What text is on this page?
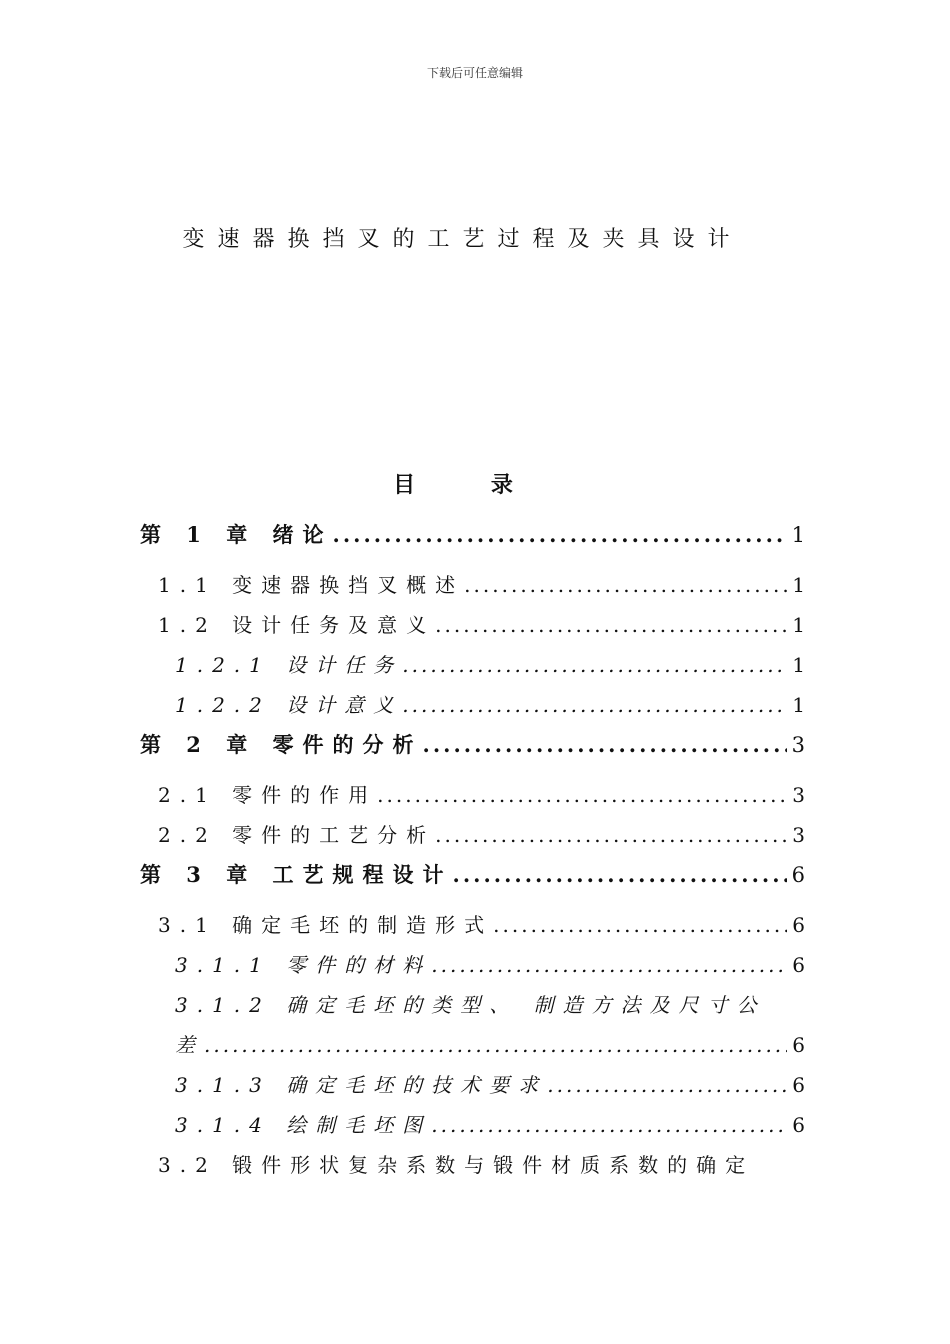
下载后可任意编辑
变速器换挡叉的工艺过程及夹具设计
目 录
第 1 章 绪论 .....	1
1.1 变速器换挡叉概述 .....	1
1.2 设计任务及意义 .....	1
1.2.1 设计任务 .....	1
1.2.2 设计意义 .....	1
第 2 章 零件的分析 .....	3
2.1 零件的作用 .....	3
2.2 零件的工艺分析 .....	3
第 3 章 工艺规程设计 .....	6
3.1 确定毛坯的制造形式 .....	6
3.1.1 零件的材料 .....	6
3.1.2 确定毛坯的类型、 制造方法及尺寸公
差 .....	6
3.1.3 确定毛坯的技术要求 .....	6
3.1.4 绘制毛坯图 .....	6
3.2 锻件形状复杂系数与锻件材质系数的确定
